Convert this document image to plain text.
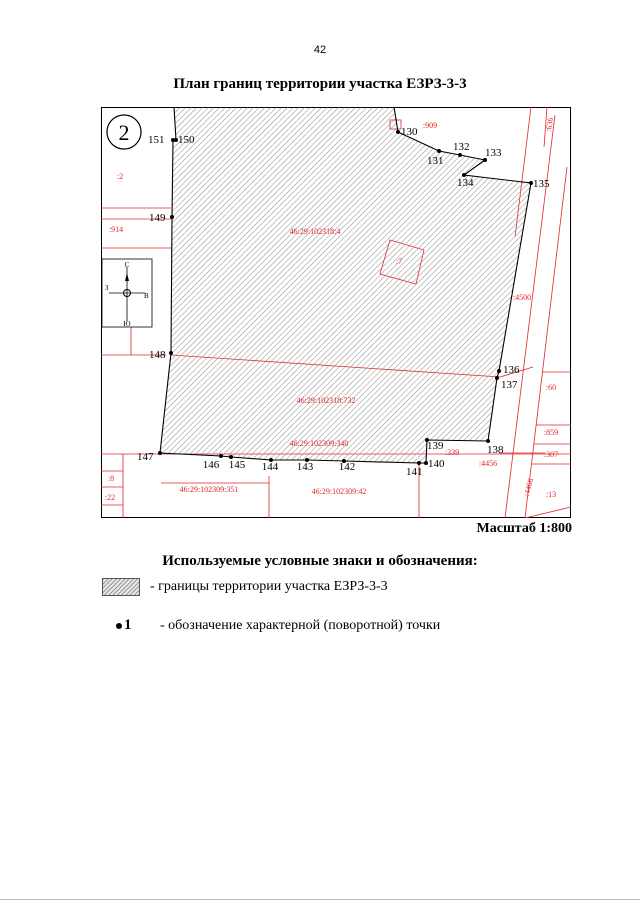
42
План границ территории участка ЕЗРЗ-3-3
130
131
132 133
134	135
136
137
138
139
140
141
142
143
144
145
146
147
148
149
150
151
46:29:102318:4
46:29:102318:732
46:29:102309:340
:7
:909
:2
:914
:636
:4500
:60
:859
:307
:339
:4456
:4466 :13
:8
:22
46:29:102309:351	46:29:102309:42
2
С
Ю
З
В
Масштаб 1:800
Используемые условные знаки и обозначения:
- границы территории участка ЕЗРЗ-3-3
1 - обозначение характерной (поворотной) точки
